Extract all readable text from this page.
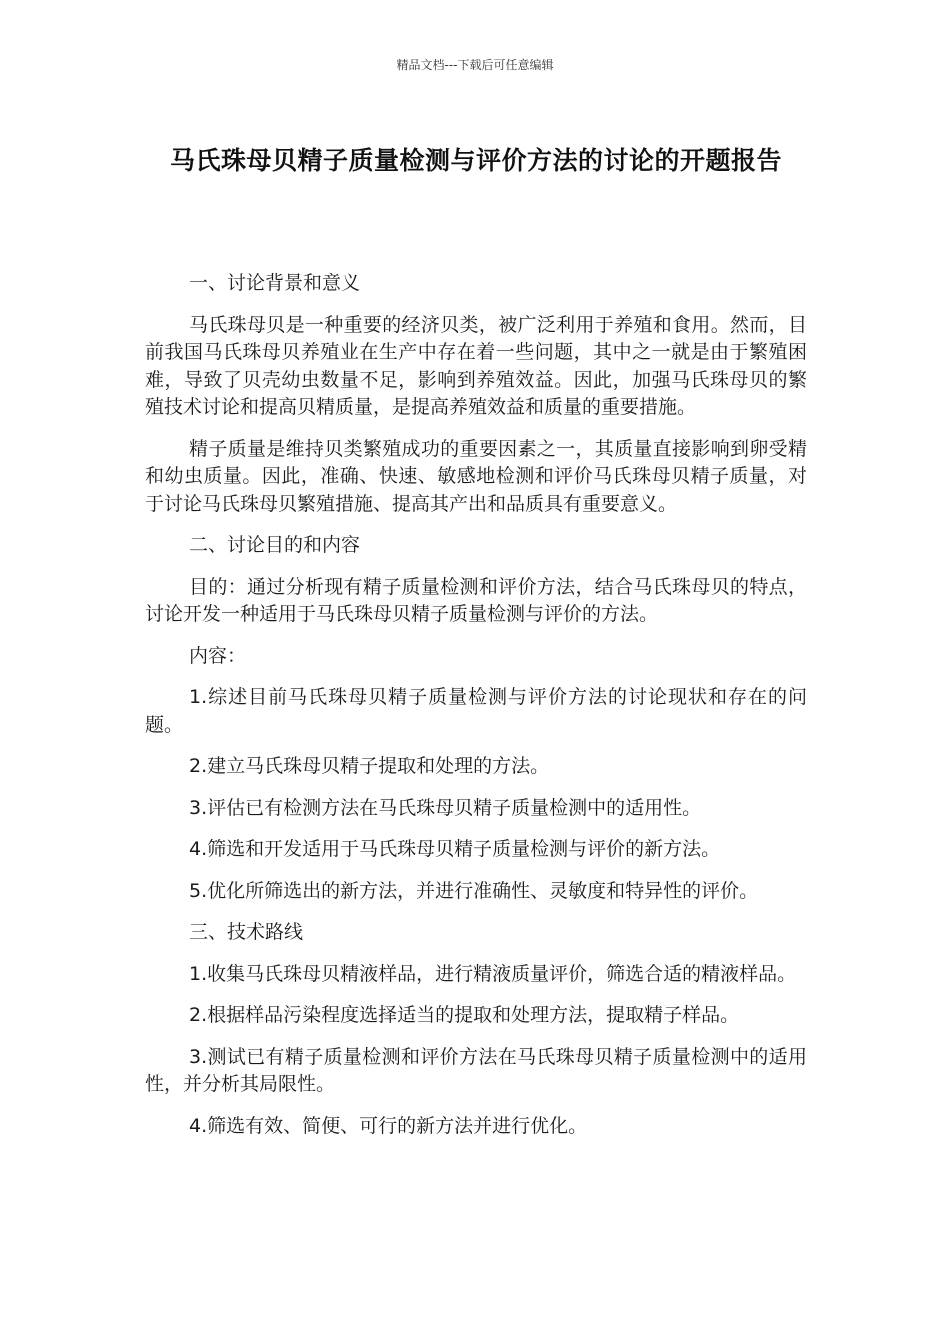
精品文档---下载后可任意编辑
马氏珠母贝精子质量检测与评价方法的讨论的开题报告
一、讨论背景和意义

马氏珠母贝是一种重要的经济贝类，被广泛利用于养殖和食用。然而，目前我国马氏珠母贝养殖业在生产中存在着一些问题，其中之一就是由于繁殖困难，导致了贝壳幼虫数量不足，影响到养殖效益。因此，加强马氏珠母贝的繁殖技术讨论和提高贝精质量，是提高养殖效益和质量的重要措施。

精子质量是维持贝类繁殖成功的重要因素之一，其质量直接影响到卵受精和幼虫质量。因此，准确、快速、敏感地检测和评价马氏珠母贝精子质量，对于讨论马氏珠母贝繁殖措施、提高其产出和品质具有重要意义。

二、讨论目的和内容

目的：通过分析现有精子质量检测和评价方法，结合马氏珠母贝的特点，讨论开发一种适用于马氏珠母贝精子质量检测与评价的方法。

内容：

1.综述目前马氏珠母贝精子质量检测与评价方法的讨论现状和存在的问题。

2.建立马氏珠母贝精子提取和处理的方法。

3.评估已有检测方法在马氏珠母贝精子质量检测中的适用性。

4.筛选和开发适用于马氏珠母贝精子质量检测与评价的新方法。

5.优化所筛选出的新方法，并进行准确性、灵敏度和特异性的评价。

三、技术路线

1.收集马氏珠母贝精液样品，进行精液质量评价，筛选合适的精液样品。

2.根据样品污染程度选择适当的提取和处理方法，提取精子样品。

3.测试已有精子质量检测和评价方法在马氏珠母贝精子质量检测中的适用性，并分析其局限性。

4.筛选有效、简便、可行的新方法并进行优化。
